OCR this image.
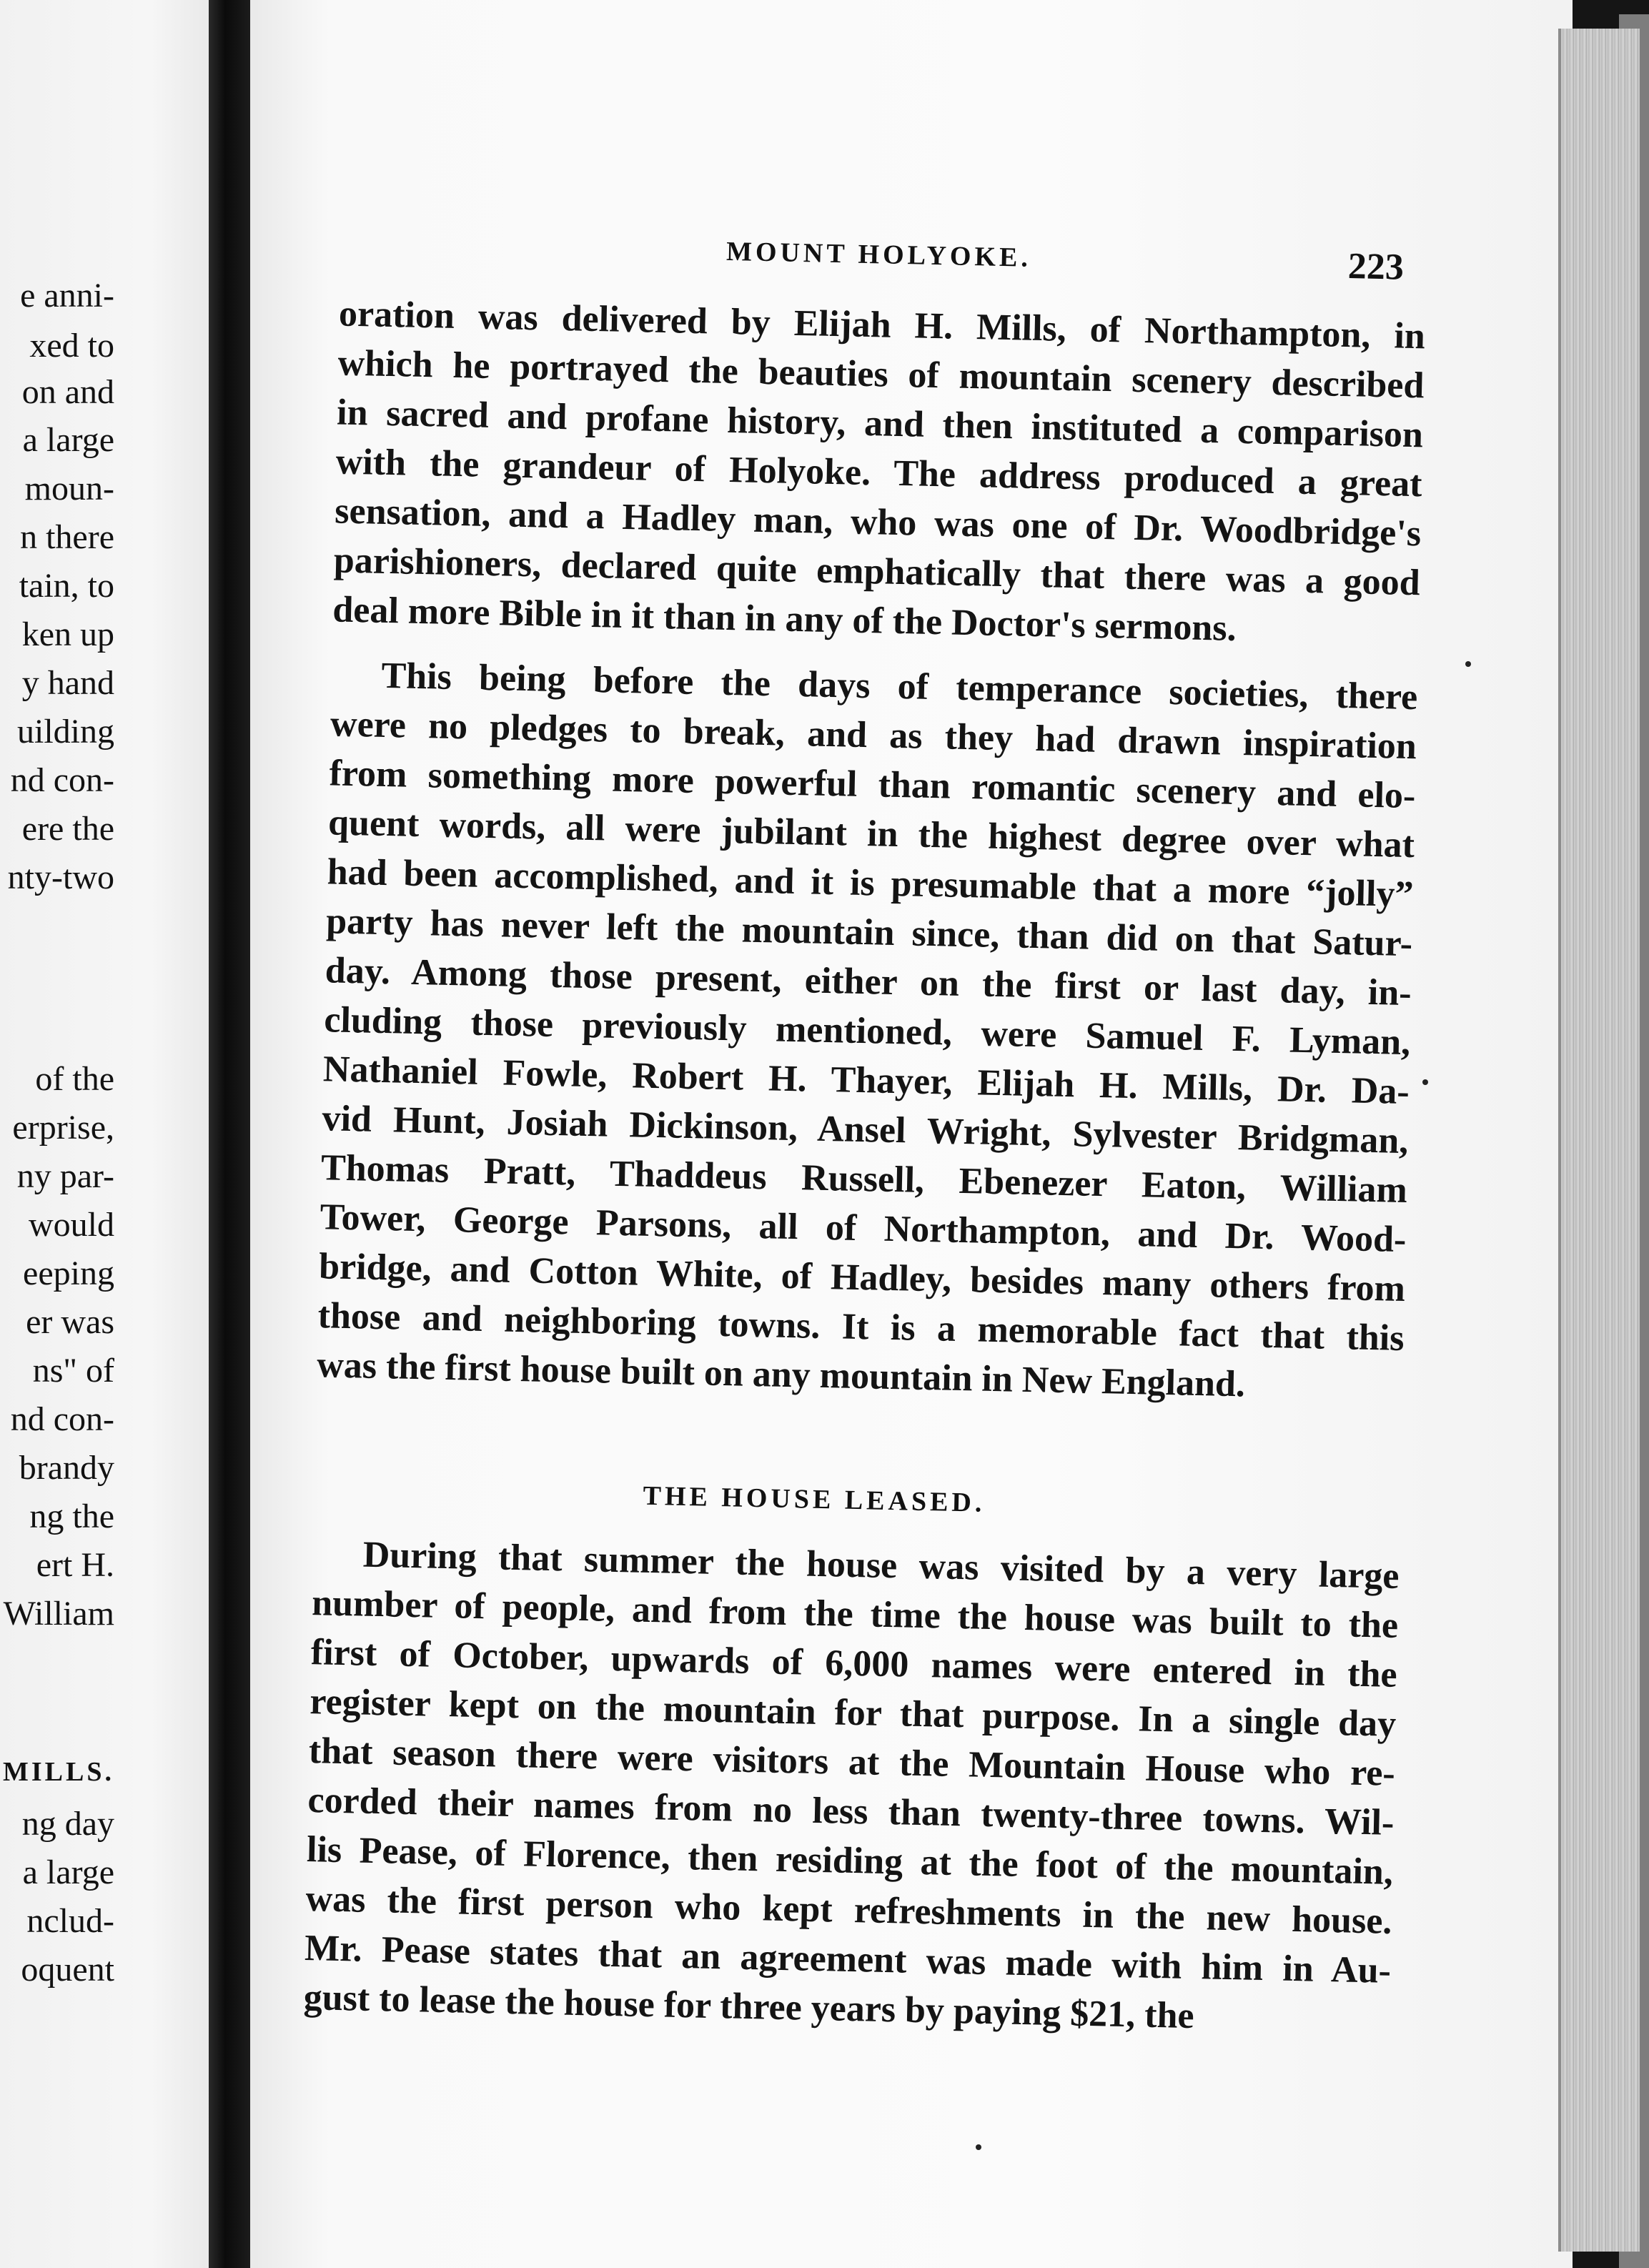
e anni-
xed to
on and
a large
moun-
n there
tain, to
ken up
y hand
uilding
nd con-
ere the
nty-two
of the
erprise,
ny par-
would
eeping
er was
ns" of
nd con-
brandy
ng the
ert H.
William
MILLS.
ng day
a large
nclud-
oquent
MOUNT HOLYOKE.	223
oration was delivered by Elijah H. Mills, of Northampton, in
which he portrayed the beauties of mountain scenery described
in sacred and profane history, and then instituted a comparison
with the grandeur of Holyoke. The address produced a great
sensation, and a Hadley man, who was one of Dr. Woodbridge's
parishioners, declared quite emphatically that there was a good
deal more Bible in it than in any of the Doctor's sermons.
This being before the days of temperance societies, there
were no pledges to break, and as they had drawn inspiration
from something more powerful than romantic scenery and elo-
quent words, all were jubilant in the highest degree over what
had been accomplished, and it is presumable that a more “jolly”
party has never left the mountain since, than did on that Satur-
day. Among those present, either on the first or last day, in-
cluding those previously mentioned, were Samuel F. Lyman,
Nathaniel Fowle, Robert H. Thayer, Elijah H. Mills, Dr. Da-
vid Hunt, Josiah Dickinson, Ansel Wright, Sylvester Bridgman,
Thomas Pratt, Thaddeus Russell, Ebenezer Eaton, William
Tower, George Parsons, all of Northampton, and Dr. Wood-
bridge, and Cotton White, of Hadley, besides many others from
those and neighboring towns. It is a memorable fact that this
was the first house built on any mountain in New England.
THE HOUSE LEASED.
During that summer the house was visited by a very large
number of people, and from the time the house was built to the
first of October, upwards of 6,000 names were entered in the
register kept on the mountain for that purpose. In a single day
that season there were visitors at the Mountain House who re-
corded their names from no less than twenty-three towns. Wil-
lis Pease, of Florence, then residing at the foot of the mountain,
was the first person who kept refreshments in the new house.
Mr. Pease states that an agreement was made with him in Au-
gust to lease the house for three years by paying $21, the
